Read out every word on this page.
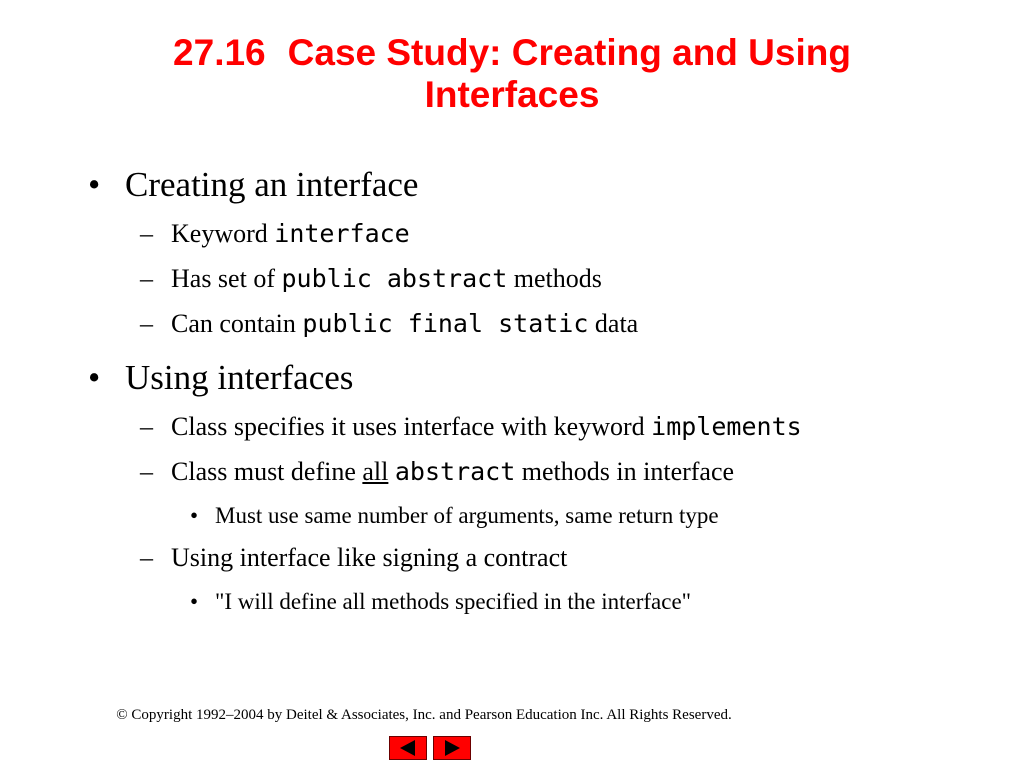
27.16 Case Study: Creating and Using
Interfaces
• Creating an interface
– Keyword interface
– Has set of public abstract methods
– Can contain public final static data
• Using interfaces
– Class specifies it uses interface with keyword implements
– Class must define all abstract methods in interface
• Must use same number of arguments, same return type
– Using interface like signing a contract
• "I will define all methods specified in the interface"
© Copyright 1992–2004 by Deitel & Associates, Inc. and Pearson Education Inc. All Rights Reserved.
